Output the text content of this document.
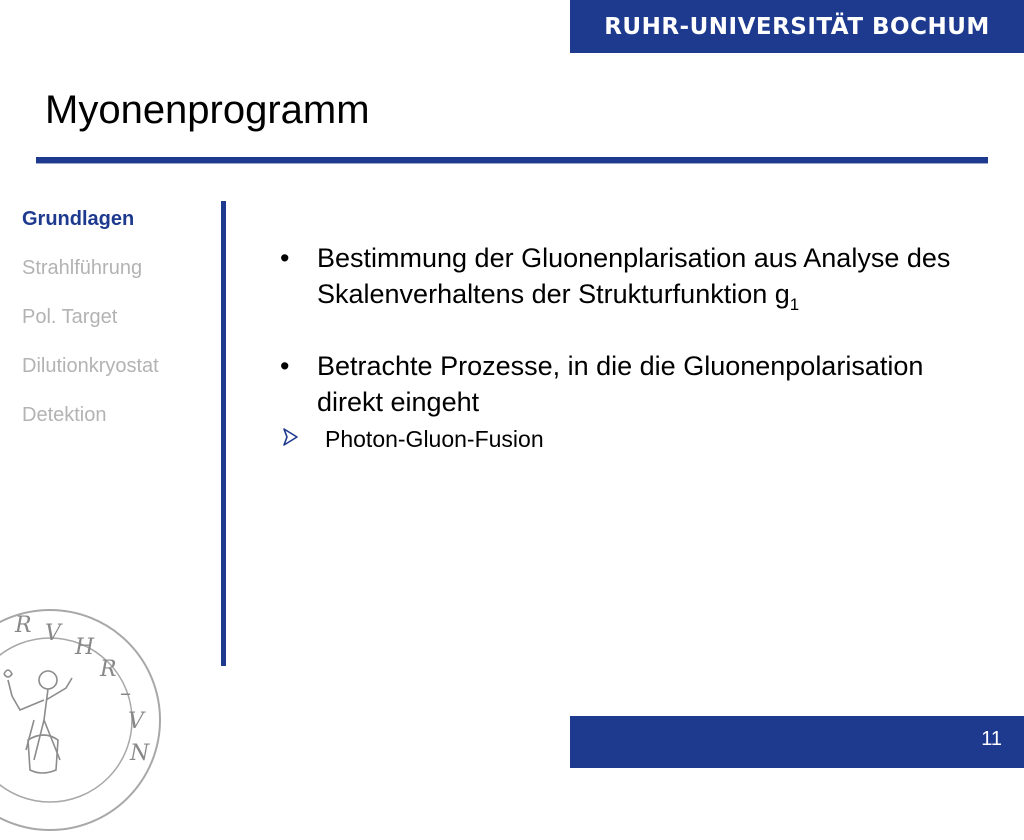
RUHR-UNIVERSITÄT BOCHUM
Myonenprogramm
Grundlagen
Strahlführung
Pol. Target
Dilutionkryostat
Detektion
• Bestimmung der Gluonenplarisation aus Analyse des Skalenverhaltens der Strukturfunktion $g_1$
• Betrachte Prozesse, in die die Gluonenpolarisation direkt eingeht
Photon-Gluon-Fusion
R V
H
R
–
V
N
11
